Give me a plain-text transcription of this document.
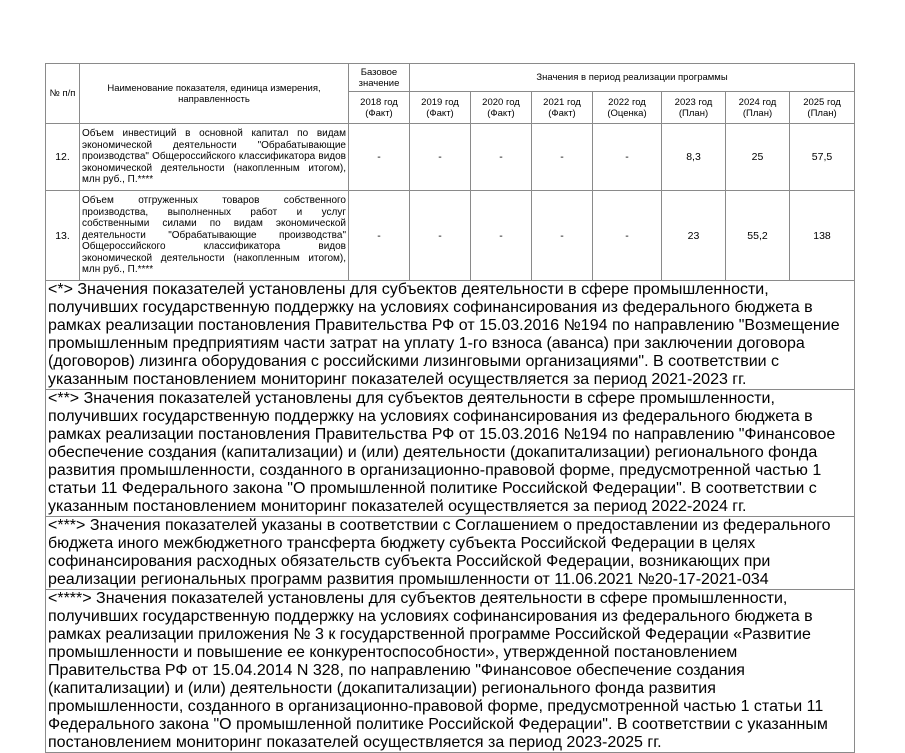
№ п/п	Наименование показателя, единица измерения, направленность	Базовое значение	Значения в период реализации программы						
		2018 год (Факт)	2019 год (Факт)	2020 год (Факт)	2021 год (Факт)	2022 год (Оценка)	2023 год (План)	2024 год (План)	2025 год (План)
12.	Объем инвестиций в основной капитал по видам экономической деятельности "Обрабатывающие производства" Общероссийского классификатора видов экономической деятельности (накопленным итогом), млн руб., П.****	-	-	-	-	-	8,3	25	57,5
13.	Объем отгруженных товаров собственного производства, выполненных работ и услуг собственными силами по видам экономической деятельности "Обрабатывающие производства" Общероссийского классификатора видов экономической деятельности (накопленным итогом), млн руб., П.****	-	-	-	-	-	23	55,2	138
<*> Значения показателей установлены для субъектов деятельности в сфере промышленности, получивших государственную поддержку на условиях софинансирования из федерального бюджета в рамках реализации постановления Правительства РФ от 15.03.2016 №194 по направлению "Возмещение промышленным предприятиям части затрат на уплату 1-го взноса (аванса) при заключении договора (договоров) лизинга оборудования с российскими лизинговыми организациями". В соответствии с указанным постановлением мониторинг показателей осуществляется за период 2021-2023 гг.									
<**> Значения показателей установлены для субъектов деятельности в сфере промышленности, получивших государственную поддержку на условиях софинансирования из федерального бюджета в рамках реализации постановления Правительства РФ от 15.03.2016 №194 по направлению "Финансовое обеспечение создания (капитализации) и (или) деятельности (докапитализации) регионального фонда развития промышленности, созданного в организационно-правовой форме, предусмотренной частью 1 статьи 11 Федерального закона "О промышленной политике Российской Федерации". В соответствии с указанным постановлением мониторинг показателей осуществляется за период 2022-2024 гг.									
<***> Значения показателей указаны в соответствии с Соглашением о предоставлении из федерального бюджета иного межбюджетного трансферта бюджету субъекта Российской Федерации в целях софинансирования расходных обязательств субъекта Российской Федерации, возникающих при реализации региональных программ развития промышленности от 11.06.2021 №20-17-2021-034									
<****> Значения показателей установлены для субъектов деятельности в сфере промышленности, получивших государственную поддержку на условиях софинансирования из федерального бюджета в рамках реализации приложения № 3 к государственной программе Российской Федерации «Развитие промышленности и повышение ее конкурентоспособности», утвержденной постановлением Правительства РФ от 15.04.2014 N 328, по направлению "Финансовое обеспечение создания (капитализации) и (или) деятельности (докапитализации) регионального фонда развития промышленности, созданного в организационно-правовой форме, предусмотренной частью 1 статьи 11 Федерального закона "О промышленной политике Российской Федерации". В соответствии с указанным постановлением мониторинг показателей осуществляется за период 2023-2025 гг.									
